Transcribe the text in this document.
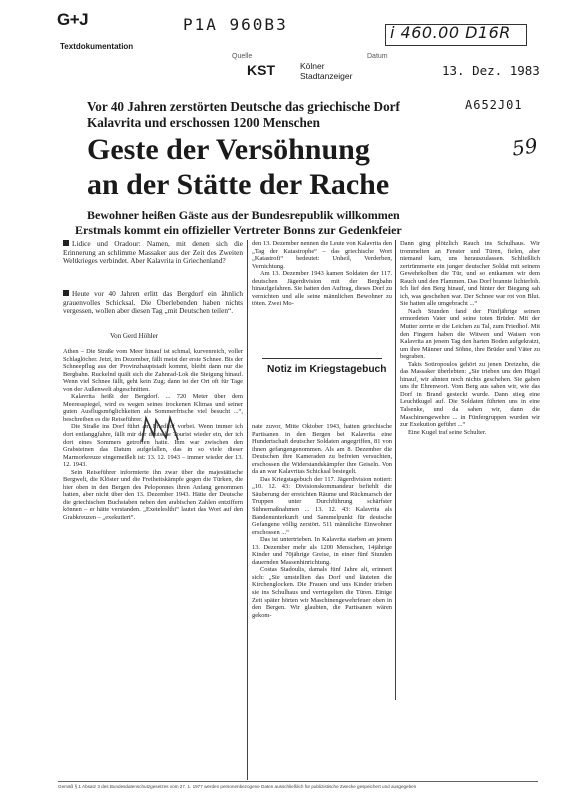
G+J
Textdokumentation
P1A 960B3	i 460.00 D16R
Quelle	Datum
KST	Kölner
Stadtanzeiger	13. Dez. 1983
A652J01
59
Vor 40 Jahren zerstörten Deutsche das griechische Dorf
Kalavrita und erschossen 1200 Menschen
Geste der Versöhnung
an der Stätte der Rache
Bewohner heißen Gäste aus der Bundesrepublik willkommen
Erstmals kommt ein offizieller Vertreter Bonns zur Gedenkfeier
Lidice und Oradour: Namen, mit denen sich die Erinnerung an schlimme Massaker aus der Zeit des Zweiten Weltkrieges verbindet. Aber Kalavrita in Griechenland?
Heute vor 40 Jahren erlitt das Bergdorf ein ähnlich grauenvolles Schicksal. Die Überlebenden haben nichts vergessen, wollen aber diesen Tag „mit Deutschen teilen“.
Von Gerd Höhler

Athen – Die Straße vom Meer hinauf ist schmal, kurvenreich, voller Schlaglöcher. Jetzt, im Dezember, fällt meist der erste Schnee. Bis der Schneepflug aus der Provinzhauptstadt kommt, bleibt dann nur die Bergbahn. Ruckelnd quält sich die Zahnrad-Lok die Steigung hinauf. Wenn viel Schnee fällt, geht kein Zug; dann ist der Ort oft für Tage von der Außenwelt abgeschnitten.

Kalavrita heißt der Bergdorf. ... 720 Meter über dem Meeresspiegel, wird es wegen seines trockenen Klimas und seiner guten Ausflugsmöglichkeiten als Sommerfrische viel besucht ...“, beschreiben es die Reiseführer.

Die Straße ins Dorf führt am Friedhof vorbei. Wenn immer ich dort entlanggfahre, fällt mir der deutsche Tourist wieder ein, der ich dort eines Sommers getroffen hatte. Ihm war zwischen den Grabsteinen das Datum aufgefallen, das in so viele dieser Marmorkreuze eingemeißelt ist: 13. 12. 1943 – immer wieder der 13. 12. 1943.

Sein Reiseführer informierte ihn zwar über die majestätische Bergwelt, die Klöster und die Freiheitskämpfe gegen die Türken, die hier oben in den Bergen des Peloponnes ihren Anfang genommen hatten, aber nicht über den 13. Dezember 1943. Hätte der Deutsche die griechischen Buchstaben neben den arabischen Zahlen entziffern können – er hätte verstanden. „Exeteleslthi“ lautet das Wort auf den Grabkreuzen – „exekutiert“.

den 13. Dezember nennen die Leute von Kalavrita den „Tag der Katastrophe“ – das griechische Wort „Katastrofi“ bedeutet: Unheil, Verderben, Vernichtung.

Am 13. Dezember 1943 kamen Soldaten der 117. deutschen Jägerdivision mit der Bergbahn hinaufgefahren. Sie hatten den Auftrag, dieses Dorf zu vernichten und alle seine männlichen Bewohner zu töten. Zwei Mo-

Notiz im Kriegstagebuch

nate zuvor, Mitte Oktober 1943, hatten griechische Partisanen in den Bergen bei Kalavrita eine Hundertschaft deutscher Soldaten angegriffen, 81 von ihnen gefangengenommen. Als am 8. Dezember die Deutschen ihre Kameraden zu befreien versuchten, erschossen die Widerstandskämpfer ihre Geiseln. Von da an war Kalavritas Schicksal besiegelt.

Das Kriegstagebuch der 117. Jägerdivision notiert: „10. 12. 43: Divisionskommandeur befiehlt die Säuberung der erreichten Räume und Rückmarsch der Truppen unter Durchführung schärfster Sühnemaßnahmen ... 13. 12. 43: Kalavrita als Bandenunterkunft und Sammelpunkt für deutsche Gefangene völlig zerstört. 511 männliche Einwohner erschossen ...“

Das ist untertrieben. In Kalavrita starben an jenem 13. Dezember mehr als 1200 Menschen, 14jährige Kinder und 70jährige Greise, in einer fünf Stunden dauernden Massenhinrichtung.

Costas Stadoulis, damals fünf Jahre alt, erinnert sich: „Sie umstellten das Dorf und läuteten die Kirchenglocken. Die Frauen und uns Kinder trieben sie ins Schulhaus und verriegelten die Türen. Einige Zeit später hörten wir Maschinengewehrfeuer oben in den Bergen. Wir glaubten, die Partisanen wären gekom-

Dann ging plötzlich Rauch ins Schulhaus. Wir trommelten an Fenster und Türen, fielen, aber niemand kam, uns herauszulassen. Schließlich zertrümmerte ein junger deutscher Soldat mit seinem Gewehrkolben die Tür, und so entkamen wir dem Rauch und den Flammen. Das Dorf brannte lichterloh. Ich lief den Berg hinauf, und hinter der Biegung sah ich, was geschehen war. Der Schnee war rot von Blut. Sie hatten alle umgebracht ...“

Nach Stunden fand der Fünfjährige seinen ermordeten Vater und seine toten Brüder. Mit der Mutter zerrte er die Leichen zu Tal, zum Friedhof. Mit den Fingern haben die Witwen und Waisen von Kalavrita an jenem Tag den harten Boden aufgekratzt, um ihre Männer und Söhne, ihre Brüder und Väter zu begraben.

Takis Sotiropoulos gehört zu jenen Dreizehn, die das Massaker überlebten: „Sie trieben uns den Hügel hinauf, wir ahnten noch nichts geschehen. Sie gaben uns ihr Ehrenwort. Vom Berg aus sahen wir, wie das Dorf in Brand gesteckt wurde. Dann stieg eine Leuchtkugel auf. Die Soldaten führten uns in eine Talsenke, und da sahen wir, dann die Maschinengewehre ... in Fünfergruppen wurden wir zur Exekution geführt ...“

Eine Kugel traf seine Schulter.

Gemäß § 1 Absatz 3 des Bundesdatenschutzgesetzes vom 27. 1. 1977 werden personenbezogene Daten ausschließlich für publizistische Zwecke gespeichert und ausgegeben
